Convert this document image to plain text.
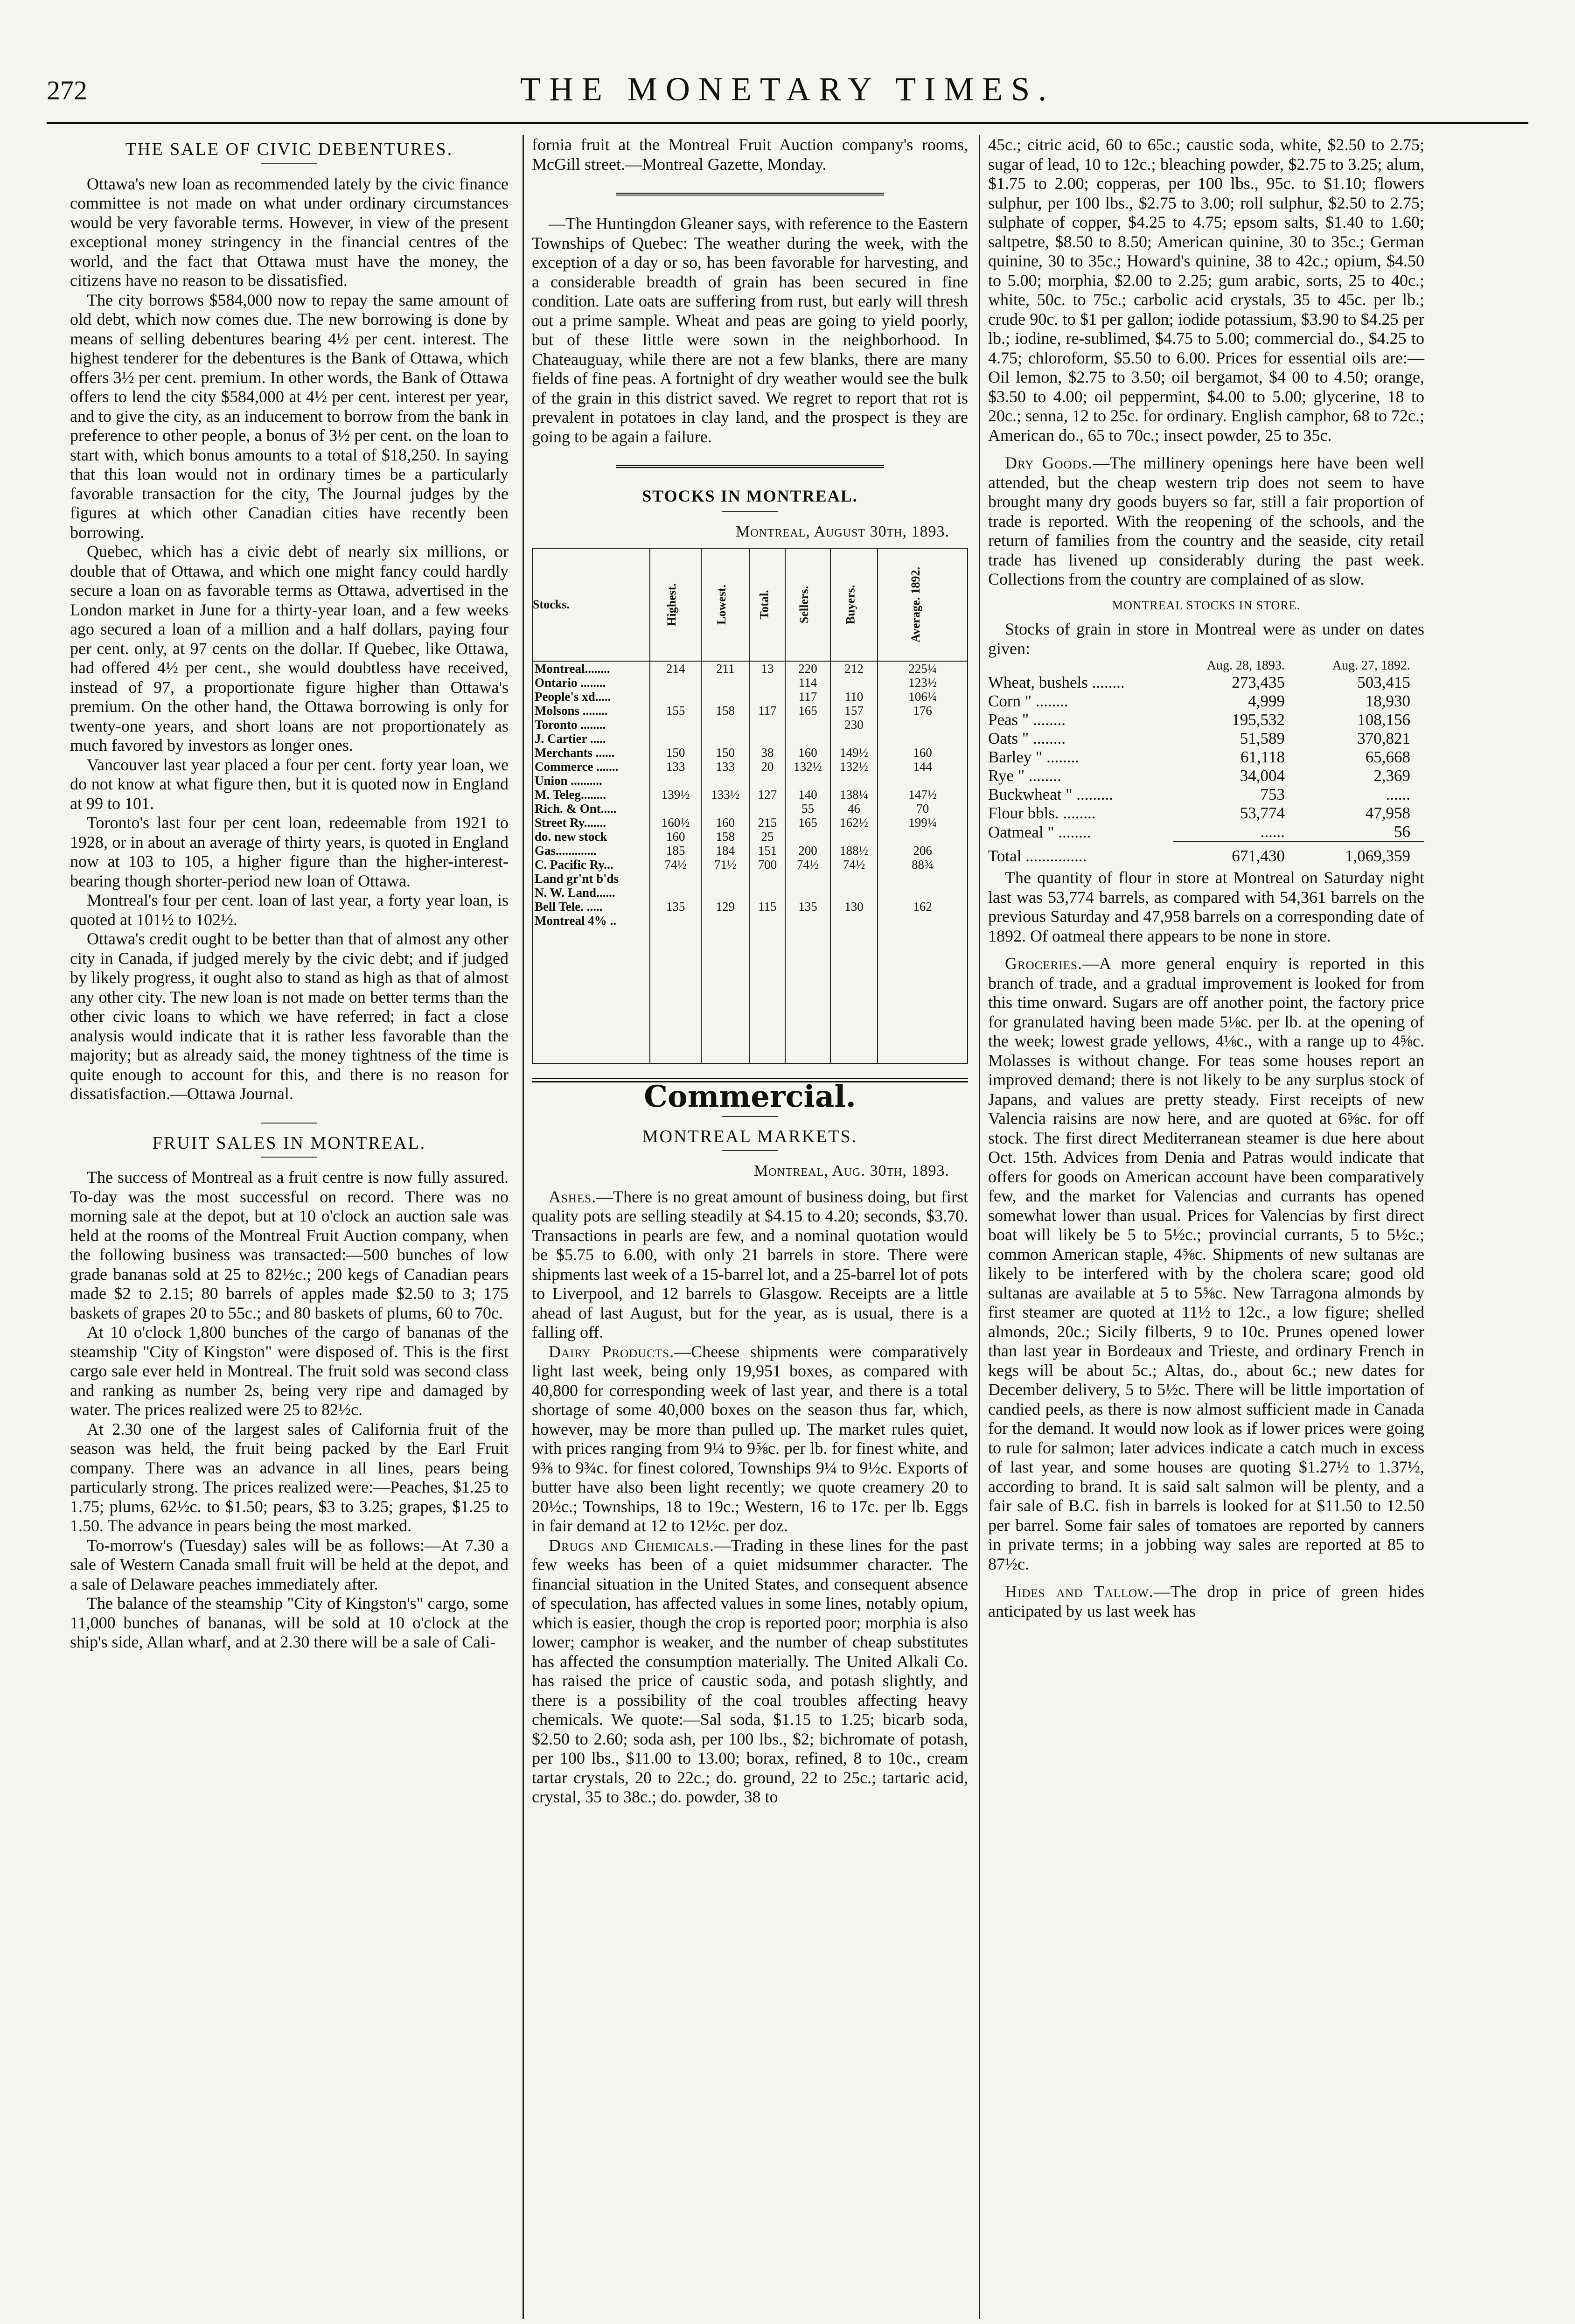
272	THE MONETARY TIMES.
THE SALE OF CIVIC DEBENTURES.

Ottawa's new loan as recommended lately by the civic finance committee is not made on what under ordinary circumstances would be very favorable terms. However, in view of the present exceptional money stringency in the financial centres of the world, and the fact that Ottawa must have the money, the citizens have no reason to be dissatisfied.

The city borrows $584,000 now to repay the same amount of old debt, which now comes due. The new borrowing is done by means of selling debentures bearing 4½ per cent. interest. The highest tenderer for the debentures is the Bank of Ottawa, which offers 3½ per cent. premium. In other words, the Bank of Ottawa offers to lend the city $584,000 at 4½ per cent. interest per year, and to give the city, as an inducement to borrow from the bank in preference to other people, a bonus of 3½ per cent. on the loan to start with, which bonus amounts to a total of $18,250. In saying that this loan would not in ordinary times be a particularly favorable transaction for the city, The Journal judges by the figures at which other Canadian cities have recently been borrowing.

Quebec, which has a civic debt of nearly six millions, or double that of Ottawa, and which one might fancy could hardly secure a loan on as favorable terms as Ottawa, advertised in the London market in June for a thirty-year loan, and a few weeks ago secured a loan of a million and a half dollars, paying four per cent. only, at 97 cents on the dollar. If Quebec, like Ottawa, had offered 4½ per cent., she would doubtless have received, instead of 97, a proportionate figure higher than Ottawa's premium. On the other hand, the Ottawa borrowing is only for twenty-one years, and short loans are not proportionately as much favored by investors as longer ones.

Vancouver last year placed a four per cent. forty year loan, we do not know at what figure then, but it is quoted now in England at 99 to 101.

Toronto's last four per cent loan, redeemable from 1921 to 1928, or in about an average of thirty years, is quoted in England now at 103 to 105, a higher figure than the higher-interest-bearing though shorter-period new loan of Ottawa.

Montreal's four per cent. loan of last year, a forty year loan, is quoted at 101½ to 102½.

Ottawa's credit ought to be better than that of almost any other city in Canada, if judged merely by the civic debt; and if judged by likely progress, it ought also to stand as high as that of almost any other city. The new loan is not made on better terms than the other civic loans to which we have referred; in fact a close analysis would indicate that it is rather less favorable than the majority; but as already said, the money tightness of the time is quite enough to account for this, and there is no reason for dissatisfaction.—Ottawa Journal.

FRUIT SALES IN MONTREAL.

The success of Montreal as a fruit centre is now fully assured. To-day was the most successful on record. There was no morning sale at the depot, but at 10 o'clock an auction sale was held at the rooms of the Montreal Fruit Auction company, when the following business was transacted:—500 bunches of low grade bananas sold at 25 to 82½c.; 200 kegs of Canadian pears made $2 to 2.15; 80 barrels of apples made $2.50 to 3; 175 baskets of grapes 20 to 55c.; and 80 baskets of plums, 60 to 70c.

At 10 o'clock 1,800 bunches of the cargo of bananas of the steamship "City of Kingston" were disposed of. This is the first cargo sale ever held in Montreal. The fruit sold was second class and ranking as number 2s, being very ripe and damaged by water. The prices realized were 25 to 82½c.

At 2.30 one of the largest sales of California fruit of the season was held, the fruit being packed by the Earl Fruit company. There was an advance in all lines, pears being particularly strong. The prices realized were:—Peaches, $1.25 to 1.75; plums, 62½c. to $1.50; pears, $3 to 3.25; grapes, $1.25 to 1.50. The advance in pears being the most marked.

To-morrow's (Tuesday) sales will be as follows:—At 7.30 a sale of Western Canada small fruit will be held at the depot, and a sale of Delaware peaches immediately after.

The balance of the steamship "City of Kingston's" cargo, some 11,000 bunches of bananas, will be sold at 10 o'clock at the ship's side, Allan wharf, and at 2.30 there will be a sale of Cali-

fornia fruit at the Montreal Fruit Auction company's rooms, McGill street.—Montreal Gazette, Monday.

—The Huntingdon Gleaner says, with reference to the Eastern Townships of Quebec: The weather during the week, with the exception of a day or so, has been favorable for harvesting, and a considerable breadth of grain has been secured in fine condition. Late oats are suffering from rust, but early will thresh out a prime sample. Wheat and peas are going to yield poorly, but of these little were sown in the neighborhood. In Chateauguay, while there are not a few blanks, there are many fields of fine peas. A fortnight of dry weather would see the bulk of the grain in this district saved. We regret to report that rot is prevalent in potatoes in clay land, and the prospect is they are going to be again a failure.

STOCKS IN MONTREAL.
Montreal, August 30th, 1893.
Stocks.	Highest.	Lowest.	Total.	Sellers.	Buyers.	Average. 1892.
Montreal........	214	211	13	220	212	225¼
Ontario ........				114		123½
People's xd.....				117	110	106¼
Molsons ........	155	158	117	165	157	176
Toronto ........					230	
J. Cartier .....						
Merchants ......	150	150	38	160	149½	160
Commerce .......	133	133	20	132½	132½	144
Union ..........						
M. Teleg........	139½	133½	127	140	138¼	147½
Rich. & Ont.....				55	46	70
Street Ry.......	160½	160	215	165	162½	199¼
do. new stock	160	158	25			
Gas.............	185	184	151	200	188½	206
C. Pacific Ry...	74½	71½	700	74½	74½	88¾
Land gr'nt b'ds						
N. W. Land......						
Bell Tele. .....	135	129	115	135	130	162
Montreal 4% ..						

Commercial.
MONTREAL MARKETS.
Montreal, Aug. 30th, 1893.

Ashes.—There is no great amount of business doing, but first quality pots are selling steadily at $4.15 to 4.20; seconds, $3.70. Transactions in pearls are few, and a nominal quotation would be $5.75 to 6.00, with only 21 barrels in store. There were shipments last week of a 15-barrel lot, and a 25-barrel lot of pots to Liverpool, and 12 barrels to Glasgow. Receipts are a little ahead of last August, but for the year, as is usual, there is a falling off.

Dairy Products.—Cheese shipments were comparatively light last week, being only 19,951 boxes, as compared with 40,800 for corresponding week of last year, and there is a total shortage of some 40,000 boxes on the season thus far, which, however, may be more than pulled up. The market rules quiet, with prices ranging from 9¼ to 9⅝c. per lb. for finest white, and 9⅜ to 9¾c. for finest colored, Townships 9¼ to 9½c. Exports of butter have also been light recently; we quote creamery 20 to 20½c.; Townships, 18 to 19c.; Western, 16 to 17c. per lb. Eggs in fair demand at 12 to 12½c. per doz.

Drugs and Chemicals.—Trading in these lines for the past few weeks has been of a quiet midsummer character. The financial situation in the United States, and consequent absence of speculation, has affected values in some lines, notably opium, which is easier, though the crop is reported poor; morphia is also lower; camphor is weaker, and the number of cheap substitutes has affected the consumption materially. The United Alkali Co. has raised the price of caustic soda, and potash slightly, and there is a possibility of the coal troubles affecting heavy chemicals. We quote:—Sal soda, $1.15 to 1.25; bicarb soda, $2.50 to 2.60; soda ash, per 100 lbs., $2; bichromate of potash, per 100 lbs., $11.00 to 13.00; borax, refined, 8 to 10c., cream tartar crystals, 20 to 22c.; do. ground, 22 to 25c.; tartaric acid, crystal, 35 to 38c.; do. powder, 38 to

45c.; citric acid, 60 to 65c.; caustic soda, white, $2.50 to 2.75; sugar of lead, 10 to 12c.; bleaching powder, $2.75 to 3.25; alum, $1.75 to 2.00; copperas, per 100 lbs., 95c. to $1.10; flowers sulphur, per 100 lbs., $2.75 to 3.00; roll sulphur, $2.50 to 2.75; sulphate of copper, $4.25 to 4.75; epsom salts, $1.40 to 1.60; saltpetre, $8.50 to 8.50; American quinine, 30 to 35c.; German quinine, 30 to 35c.; Howard's quinine, 38 to 42c.; opium, $4.50 to 5.00; morphia, $2.00 to 2.25; gum arabic, sorts, 25 to 40c.; white, 50c. to 75c.; carbolic acid crystals, 35 to 45c. per lb.; crude 90c. to $1 per gallon; iodide potassium, $3.90 to $4.25 per lb.; iodine, re-sublimed, $4.75 to 5.00; commercial do., $4.25 to 4.75; chloroform, $5.50 to 6.00. Prices for essential oils are:—Oil lemon, $2.75 to 3.50; oil bergamot, $4 00 to 4.50; orange, $3.50 to 4.00; oil peppermint, $4.00 to 5.00; glycerine, 18 to 20c.; senna, 12 to 25c. for ordinary. English camphor, 68 to 72c.; American do., 65 to 70c.; insect powder, 25 to 35c.

Dry Goods.—The millinery openings here have been well attended, but the cheap western trip does not seem to have brought many dry goods buyers so far, still a fair proportion of trade is reported. With the reopening of the schools, and the return of families from the country and the seaside, city retail trade has livened up considerably during the past week. Collections from the country are complained of as slow.

MONTREAL STOCKS IN STORE.

Stocks of grain in store in Montreal were as under on dates given:

	Aug. 28, 1893.	Aug. 27, 1892.
Wheat, bushels ........	273,435	503,415
Corn " ........	4,999	18,930
Peas " ........	195,532	108,156
Oats " ........	51,589	370,821
Barley " ........	61,118	65,668
Rye " ........	34,004	2,369
Buckwheat " .........	753	......
Flour bbls. ........	53,774	47,958
Oatmeal " ........	......	56
Total ...............	671,430	1,069,359

The quantity of flour in store at Montreal on Saturday night last was 53,774 barrels, as compared with 54,361 barrels on the previous Saturday and 47,958 barrels on a corresponding date of 1892. Of oatmeal there appears to be none in store.

Groceries.—A more general enquiry is reported in this branch of trade, and a gradual improvement is looked for from this time onward. Sugars are off another point, the factory price for granulated having been made 5⅛c. per lb. at the opening of the week; lowest grade yellows, 4⅛c., with a range up to 4⅝c. Molasses is without change. For teas some houses report an improved demand; there is not likely to be any surplus stock of Japans, and values are pretty steady. First receipts of new Valencia raisins are now here, and are quoted at 6⅝c. for off stock. The first direct Mediterranean steamer is due here about Oct. 15th. Advices from Denia and Patras would indicate that offers for goods on American account have been comparatively few, and the market for Valencias and currants has opened somewhat lower than usual. Prices for Valencias by first direct boat will likely be 5 to 5½c.; provincial currants, 5 to 5½c.; common American staple, 4⅝c. Shipments of new sultanas are likely to be interfered with by the cholera scare; good old sultanas are available at 5 to 5⅝c. New Tarragona almonds by first steamer are quoted at 11½ to 12c., a low figure; shelled almonds, 20c.; Sicily filberts, 9 to 10c. Prunes opened lower than last year in Bordeaux and Trieste, and ordinary French in kegs will be about 5c.; Altas, do., about 6c.; new dates for December delivery, 5 to 5½c. There will be little importation of candied peels, as there is now almost sufficient made in Canada for the demand. It would now look as if lower prices were going to rule for salmon; later advices indicate a catch much in excess of last year, and some houses are quoting $1.27½ to 1.37½, according to brand. It is said salt salmon will be plenty, and a fair sale of B.C. fish in barrels is looked for at $11.50 to 12.50 per barrel. Some fair sales of tomatoes are reported by canners in private terms; in a jobbing way sales are reported at 85 to 87½c.

Hides and Tallow.—The drop in price of green hides anticipated by us last week has
